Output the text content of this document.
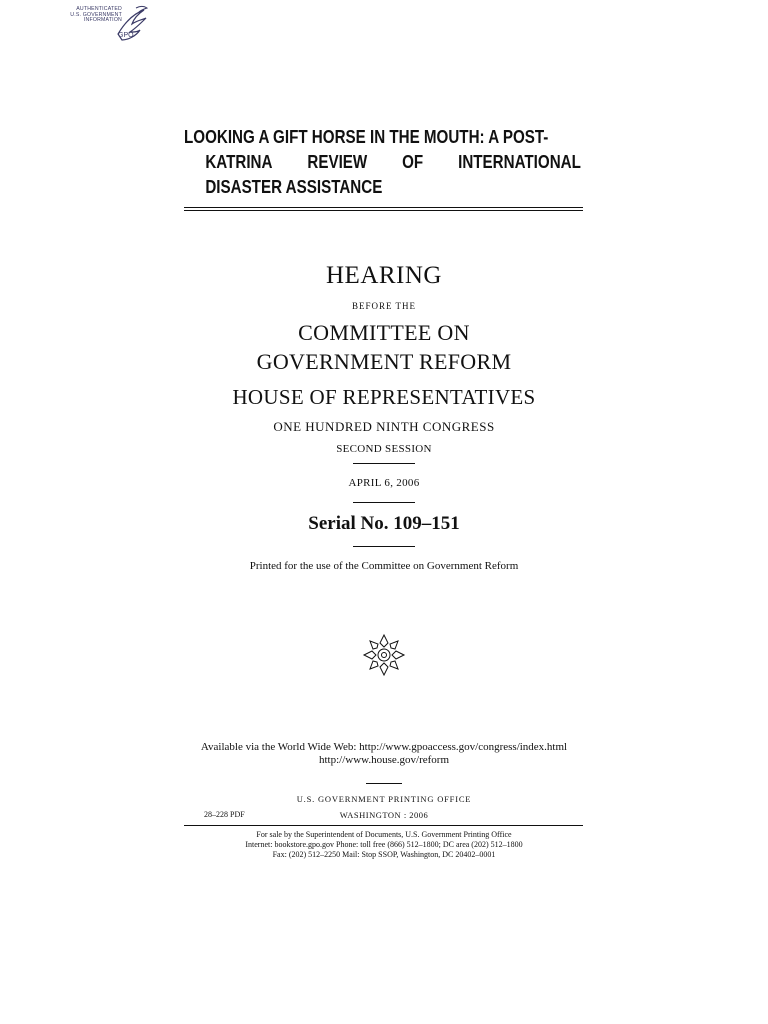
AUTHENTICATED
U.S. GOVERNMENT
INFORMATION
GPO
LOOKING A GIFT HORSE IN THE MOUTH: A POST-
KATRINA REVIEW OF INTERNATIONAL
DISASTER ASSISTANCE
HEARING
BEFORE THE
COMMITTEE ON
GOVERNMENT REFORM
HOUSE OF REPRESENTATIVES
ONE HUNDRED NINTH CONGRESS
SECOND SESSION
APRIL 6, 2006
Serial No. 109–151
Printed for the use of the Committee on Government Reform
Available via the World Wide Web: http://www.gpoaccess.gov/congress/index.html
http://www.house.gov/reform
U.S. GOVERNMENT PRINTING OFFICE
28–228 PDF	WASHINGTON : 2006
For sale by the Superintendent of Documents, U.S. Government Printing Office
Internet: bookstore.gpo.gov Phone: toll free (866) 512–1800; DC area (202) 512–1800
Fax: (202) 512–2250 Mail: Stop SSOP, Washington, DC 20402–0001
